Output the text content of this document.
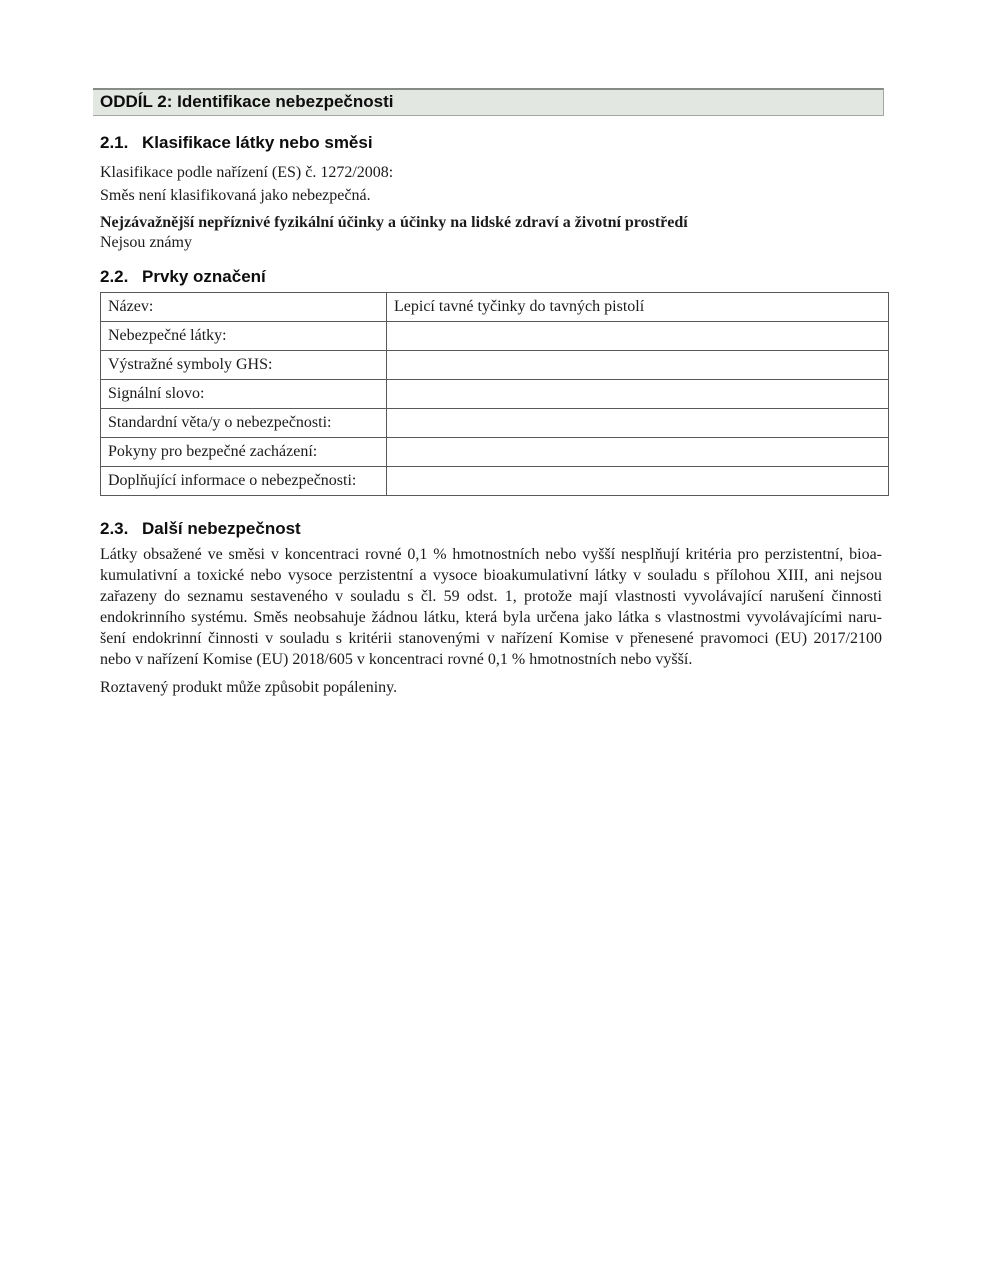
ODDÍL 2: Identifikace nebezpečnosti
2.1. Klasifikace látky nebo směsi
Klasifikace podle nařízení (ES) č. 1272/2008:
Směs není klasifikovaná jako nebezpečná.
Nejzávažnější nepříznivé fyzikální účinky a účinky na lidské zdraví a životní prostředí
Nejsou známy
2.2. Prvky označení
Název:	Lepicí tavné tyčinky do tavných pistolí
Nebezpečné látky:	
Výstražné symboly GHS:	
Signální slovo:	
Standardní věta/y o nebezpečnosti:	
Pokyny pro bezpečné zacházení:	
Doplňující informace o nebezpečnosti:	
2.3. Další nebezpečnost
Látky obsažené ve směsi v koncentraci rovné 0,1 % hmotnostních nebo vyšší nesplňují kritéria pro perzistentní, bioa-
kumulativní a toxické nebo vysoce perzistentní a vysoce bioakumulativní látky v souladu s přílohou XIII, ani nejsou
zařazeny do seznamu sestaveného v souladu s čl. 59 odst. 1, protože mají vlastnosti vyvolávající narušení činnosti
endokrinního systému. Směs neobsahuje žádnou látku, která byla určena jako látka s vlastnostmi vyvolávajícími naru-
šení endokrinní činnosti v souladu s kritérii stanovenými v nařízení Komise v přenesené pravomoci (EU) 2017/2100
nebo v nařízení Komise (EU) 2018/605 v koncentraci rovné 0,1 % hmotnostních nebo vyšší.
Roztavený produkt může způsobit popáleniny.
